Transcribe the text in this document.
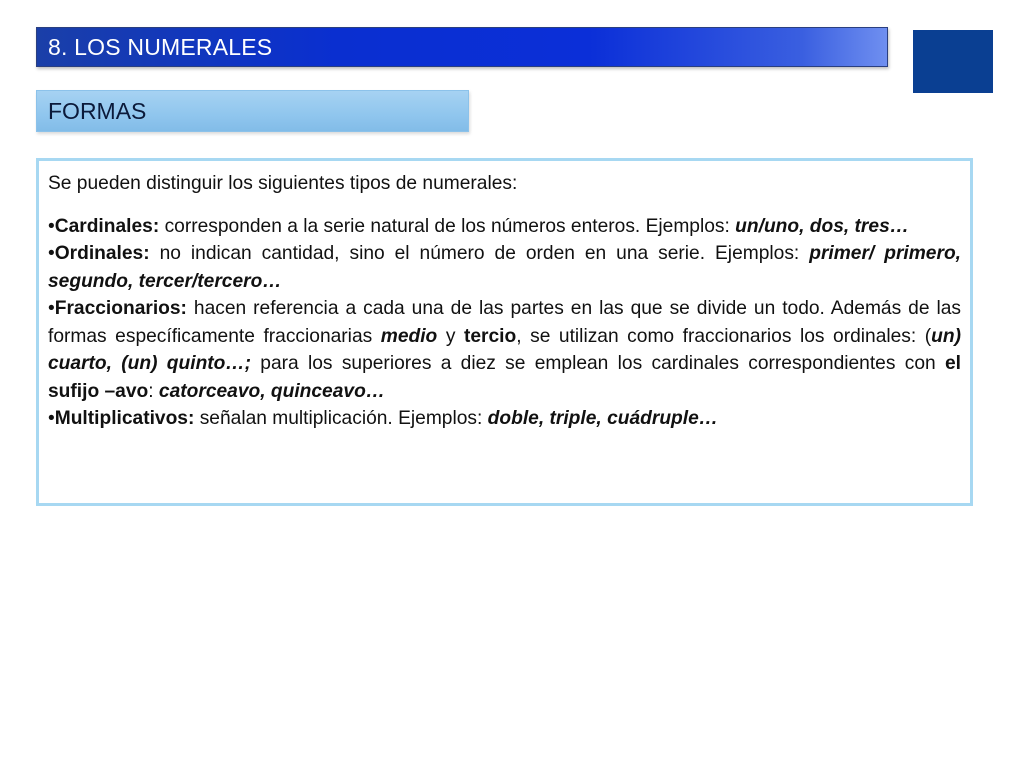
8. LOS NUMERALES
FORMAS

Se pueden distinguir los siguientes tipos de numerales:

•Cardinales: corresponden a la serie natural de los números enteros. Ejemplos: un/uno, dos, tres…

•Ordinales: no indican cantidad, sino el número de orden en una serie. Ejemplos: primer/ primero, segundo, tercer/tercero…

•Fraccionarios: hacen referencia a cada una de las partes en las que se divide un todo. Además de las formas específicamente fraccionarias medio y tercio, se utilizan como fraccionarios los ordinales: (un) cuarto, (un) quinto…; para los superiores a diez se emplean los cardinales correspondientes con el sufijo –avo: catorceavo, quinceavo…

•Multiplicativos: señalan multiplicación. Ejemplos: doble, triple, cuádruple…
